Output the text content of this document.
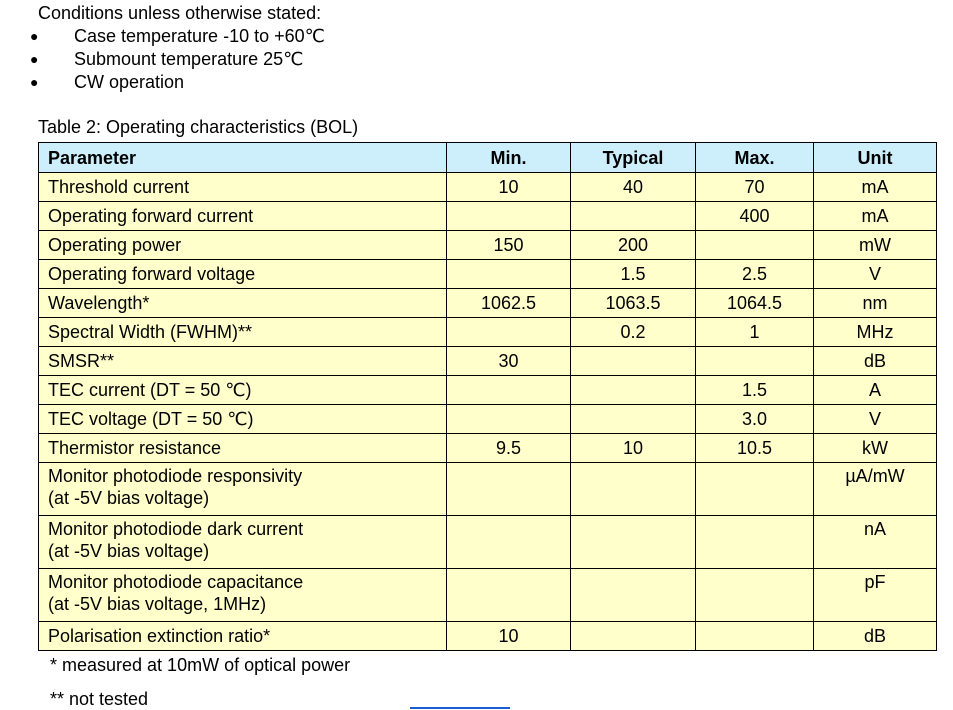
Conditions unless otherwise stated:
● Case temperature -10 to +60℃
● Submount temperature 25℃
● CW operation
Table 2: Operating characteristics (BOL)
Parameter	Min.	Typical	Max.	Unit
Threshold current	10	40	70	mA
Operating forward current			400	mA
Operating power	150	200		mW
Operating forward voltage		1.5	2.5	V
Wavelength*	1062.5	1063.5	1064.5	nm
Spectral Width (FWHM)**		0.2	1	MHz
SMSR**	30			dB
TEC current (DT = 50 ℃)			1.5	A
TEC voltage (DT = 50 ℃)			3.0	V
Thermistor resistance	9.5	10	10.5	kW

Monitor photodiode responsivity
(at -5V bias voltage)				µA/mW

Monitor photodiode dark current
(at -5V bias voltage)				nA

Monitor photodiode capacitance
(at -5V bias voltage, 1MHz)				pF
Polarisation extinction ratio*	10			dB
* measured at 10mW of optical power
** not tested
